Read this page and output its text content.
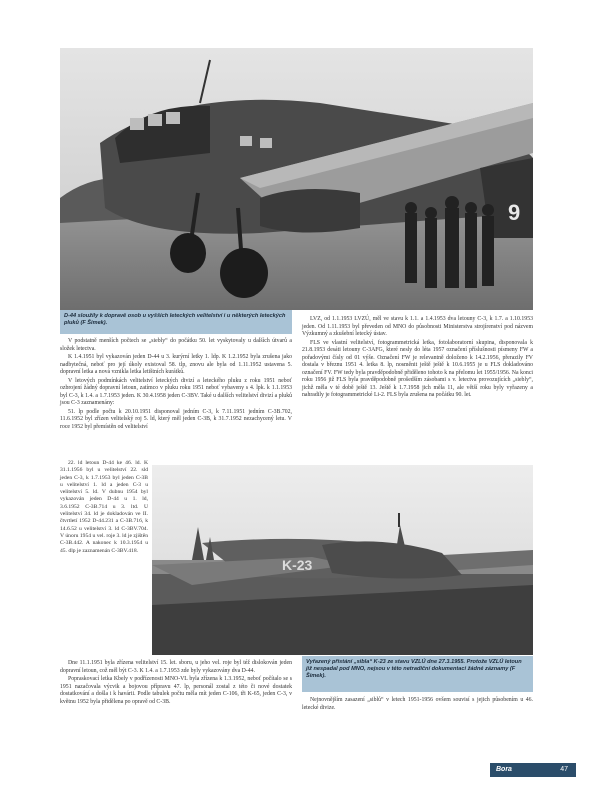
9
D-44 sloužily k dopravě osob u vyšších leteckých velitelství i u některých leteckých pluků (F Šimek).

V podstatně menších počtech se „siebly“ do počátku 50. let vyskytovaly u dalších útvarů a složek letectva.

K 1.4.1951 byl vykazován jeden D-44 u 3. kurýrní letky 1. ldp. K 1.2.1952 byla zrušena jako nadbytečná, neboť pro její úkoly existoval 58. tlp, znovu ale byla od 1.11.1952 ustavena 5. dopravní letka a nová vznikla letka letištních kurátků.

V letových podmínkách velitelství leteckých divizí a leteckého pluku z roku 1951 neboť ozbrojení žádný dopravní letoun, zatímco v pluku roku 1951 neboť vybaveny s 4. lpk. k 1.1.1953 byl C-3, k 1.4. a 1.7.1953 jeden. K 30.4.1958 jeden C-3BV. Také u dalších velitelství divizí a pluků jsou C-3 zaznamenány:

51. lp podle počtu k 20.10.1951 disponoval jedním C-3, k 7.11.1951 jedním C-3B.702, 11.6.1952 byl zřízen velitelský roj 5. ld, který měl jeden C-3B, k 31.7.1952 nezachycený letu. V roce 1952 byl přemístěn od velitelství

LVZ, od 1.1.1953 LVZÚ, měl ve stavu k 1.1. a 1.4.1953 dva letouny C-3, k 1.7. a 1.10.1953 jeden. Od 1.11.1953 byl převeden od MNO do působnosti Ministerstva strojírenství pod názvem Výzkumný a zkušební letecký ústav.

FLS ve vlastní velitelství, fotogrammetrická letka, fotolaboratorní skupina, disponovala k 21.8.1953 desáti letouny C-3AFG, které nesly do léta 1957 označení příslušnosti písmeny FW a pořadovými čísly od 01 výše. Označení FW je relevantně doloženo k 14.2.1956, přerazily FV dostala v březnu 1951 4. letka 8. lp, nosměnit ještě ještě k 10.6.1955 je u FLS dokladováno označení FV. FW tedy byla pravděpodobně přiděleno tohoto k na přelomu let 1955/1956. Na konci roku 1956 již FLS byla pravděpodobně prošedším zásobami s v. letectva provozujících „siebly“, jichž měla v té době ještě 13. Ještě k 1.7.1958 jich měla 11, ale větší roku byly vyřazeny a nahradily je fotogrammetrické Li-2. FLS byla zrušena na počátku 90. let.

22. ld letoun D-44 ke 46. ld. K 31.1.1956 byl u velitelství 22. sld jeden C-3, k 1.7.1953 byl jeden C-3B u velitelství 1. ld a jeden C-3 u velitelství 5. ld. V dubnu 1954 byl vykazován jeden D-44 u 1. ld, 3.6.1952 C-3B.714 u 3. ltd. U velitelství 34. ld je dokladován ve II. čtvrtletí 1952 D-44.231 a C-3B.716, k 14.6.52 u velitelství 3. ld C-3BV.704. V únoru 1954 u vel. roje 3. ld je zjištěn C-3B.442. A nakonec k 10.3.1954 u 45. dlp je zaznamenán C-3BV.418.

Dne 11.1.1951 byla zřízena velitelství 15. let. sboru, u jeho vel. roje byl též dislokován jeden dopravní letoun, což měl být C-3. K 1.4. a 1.7.1953 zde byly vykazovány dva D-44.

Popraskovací letka Kbely v podřízenosti MNO-VL byla zřízena k 1.3.1952, neboť počítalo se s 1951 nazačovala výcvik a bojovou přípravu 47. lp, personál zostal z této či nové dostatek dostatkování a došla i k havárii. Podle tabulek počtu měla mít jeden C-106, tři K-65, jeden C-3, v květnu 1952 byla přidělena po opravě od C-3B.

K-23
Vyřazený přistání „sibla“ K-23 ze stavu VZLÚ dne 27.3.1955. Protože VZLÚ letoun již nespadal pod MNO, nejsou v této netradiční dokumentaci žádné záznamy (F Šimek).

Nejnovnějším zasazení „siblů“ v letech 1951-1956 ovšem souvisí s jejich působením u 46. letecké divize.

Bora	47
